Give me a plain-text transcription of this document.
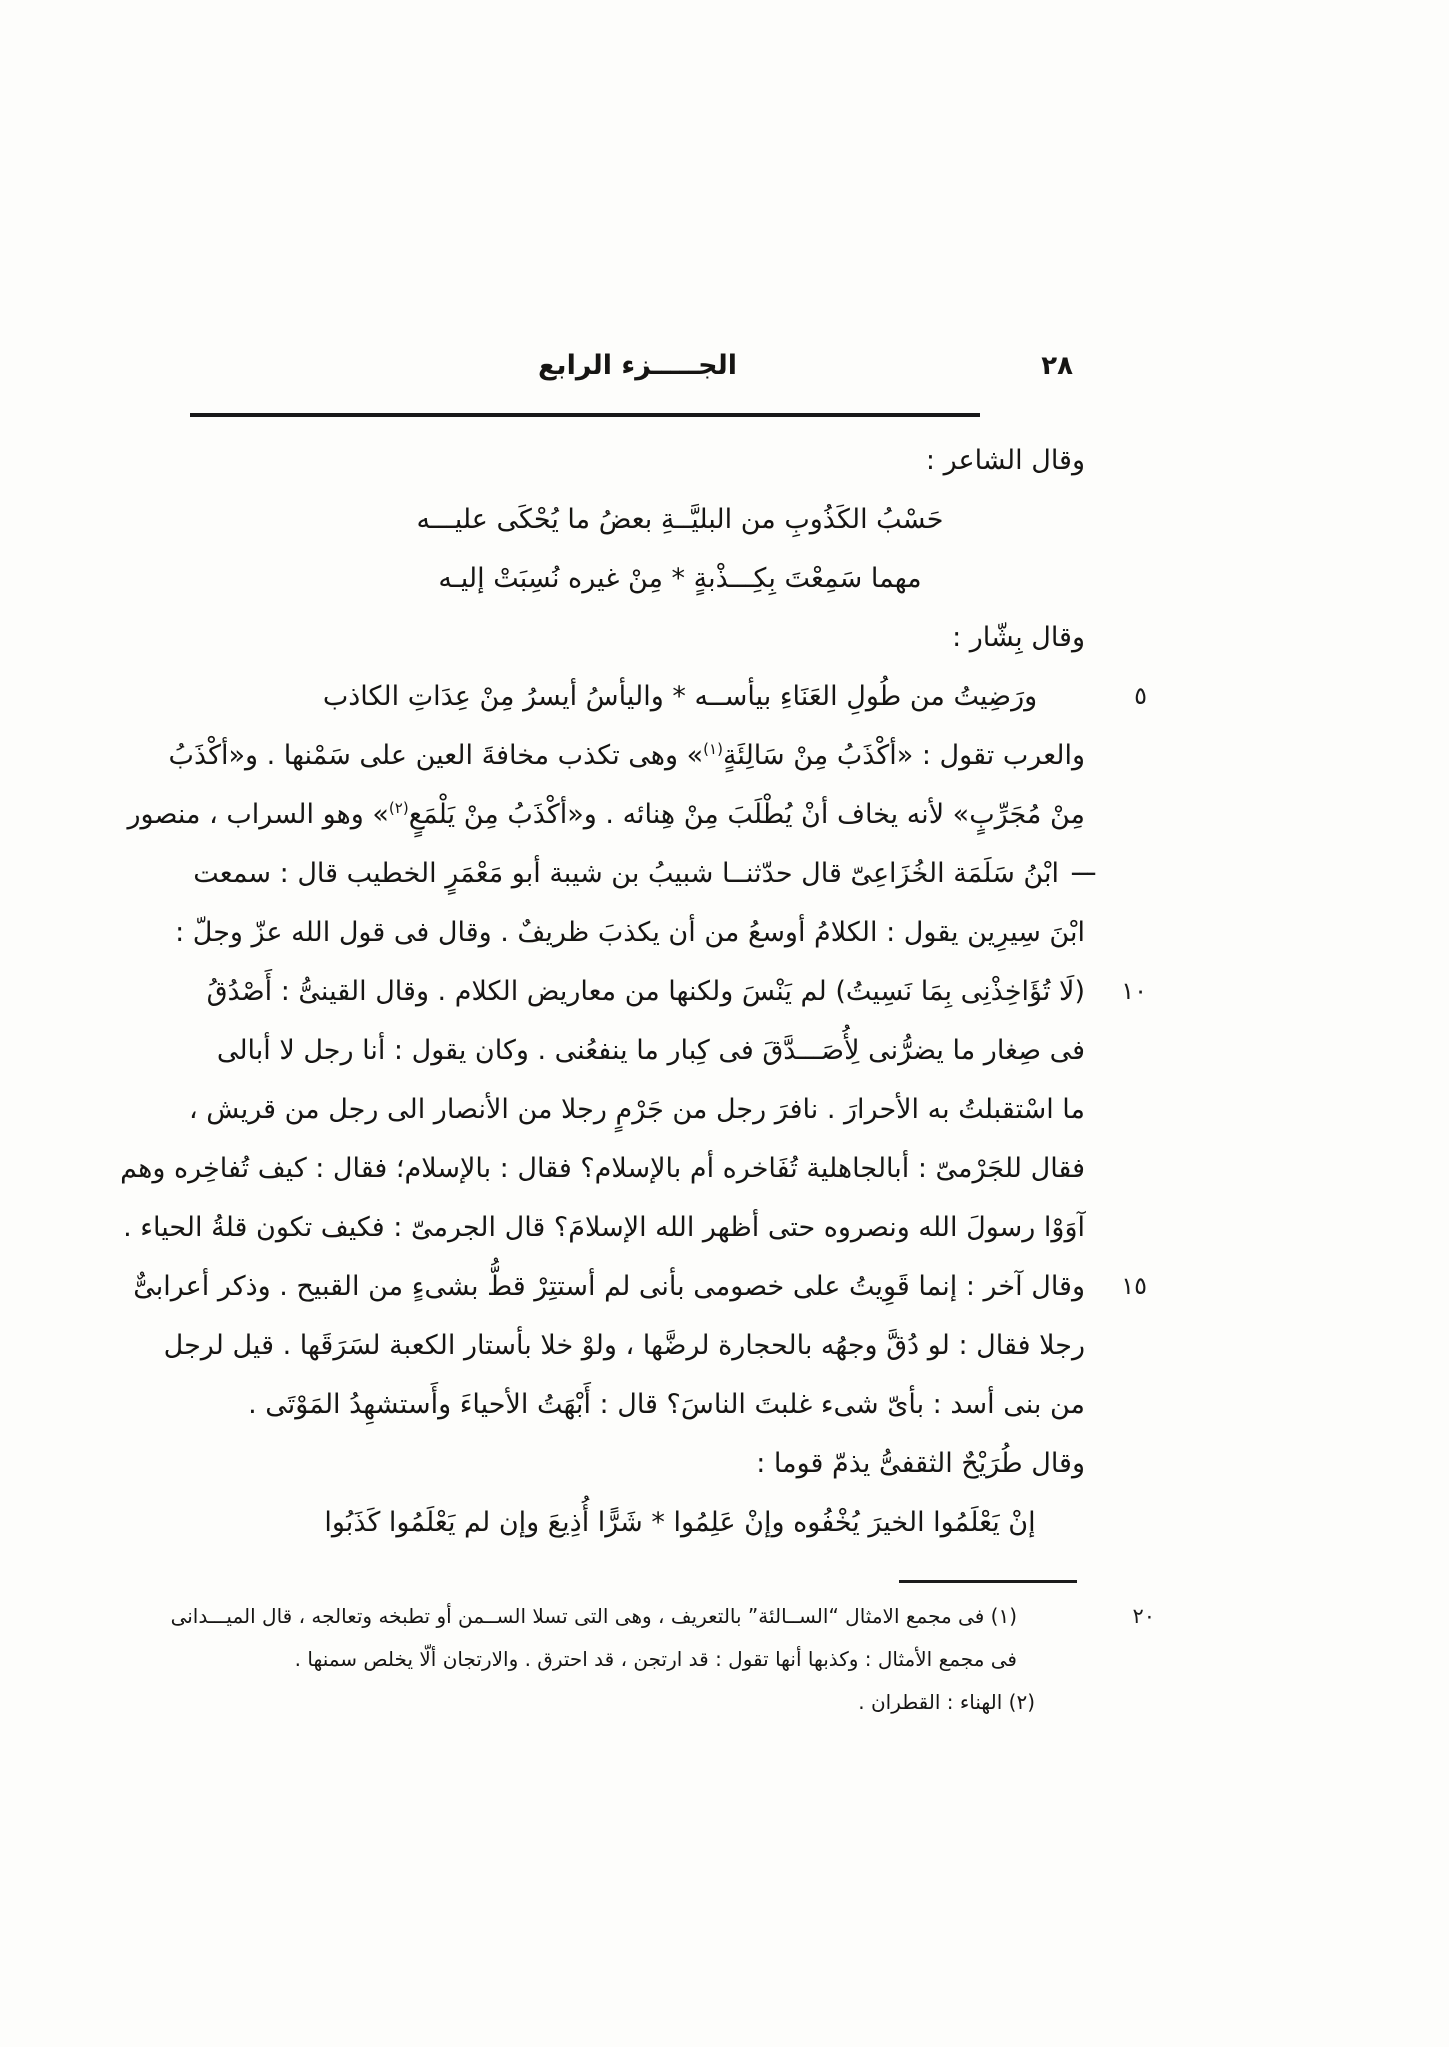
الجـــــزء الرابع	٢٨
وقال الشاعر :
حَسْبُ الكَذُوبِ من البليَّــةِ بعضُ ما يُحْكَى عليـــه
مهما سَمِعْتَ بِكِـــذْبةٍ * مِنْ غيره نُسِبَتْ إليـه
وقال بِشّار :
٥
ورَضِيتُ من طُولِ العَنَاءِ بيأســه * واليأسُ أيسرُ مِنْ عِدَاتِ الكاذب
والعرب تقول : «أكْذَبُ مِنْ سَالِئَةٍ$^{(١)}$» وهى تكذب مخافةَ العين على سَمْنها . و«أكْذَبُ
مِنْ مُجَرِّبٍ» لأنه يخاف أنْ يُطْلَبَ مِنْ هِنائه . و«أكْذَبُ مِنْ يَلْمَعٍ$^{(٢)}$» وهو السراب ، منصور
ـــ
ابْنُ سَلَمَة الخُزَاعِىّ قال حدّثنــا شبيبُ بن شيبة أبو مَعْمَرٍ الخطيب قال : سمعت
ابْنَ سِيرِين يقول : الكلامُ أوسعُ من أن يكذبَ ظريفٌ . وقال فى قول الله عزّ وجلّ :
١٠
(لَا تُؤَاخِذْنِى بِمَا نَسِيتُ) لم يَنْسَ ولكنها من معاريض الكلام . وقال القينىُّ : أَصْدُقُ
فى صِغار ما يضرُّنى لِأُصَـــدَّقَ فى كِبار ما ينفعُنى . وكان يقول : أنا رجل لا أبالى
ما اسْتقبلتُ به الأحرارَ . نافرَ رجل من جَرْمٍ رجلا من الأنصار الى رجل من قريش ،
فقال للجَرْمىّ : أبالجاهلية تُفَاخره أم بالإسلام؟ فقال : بالإسلام؛ فقال : كيف تُفاخِره وهم
آوَوْا رسولَ الله ونصروه حتى أظهر الله الإسلامَ؟ قال الجرمىّ : فكيف تكون قلةُ الحياء .
١٥
وقال آخر : إنما قَوِيتُ على خصومى بأنى لم أستتِرْ قطُّ بشىءٍ من القبيح . وذكر أعرابىٌّ
رجلا فقال : لو دُقَّ وجهُه بالحجارة لرضَّها ، ولوْ خلا بأستار الكعبة لسَرَقَها . قيل لرجل
من بنى أسد : بأىّ شىء غلبتَ الناسَ؟ قال : أَبْهَتُ الأحياءَ وأَستشهِدُ المَوْتَى .
وقال طُرَيْحٌ الثقفىُّ يذمّ قوما :
إنْ يَعْلَمُوا الخيرَ يُخْفُوه وإنْ عَلِمُوا * شَرًّا أُذِيعَ وإن لم يَعْلَمُوا كَذَبُوا
٢٠
(١) فى مجمع الامثال “الســالئة” بالتعريف ، وهى التى تسلا الســمن أو تطبخه وتعالجه ، قال الميـــدانى
فى مجمع الأمثال : وكذبها أنها تقول : قد ارتجن ، قد احترق . والارتجان ألّا يخلص سمنها .
(٢) الهناء : القطران .
